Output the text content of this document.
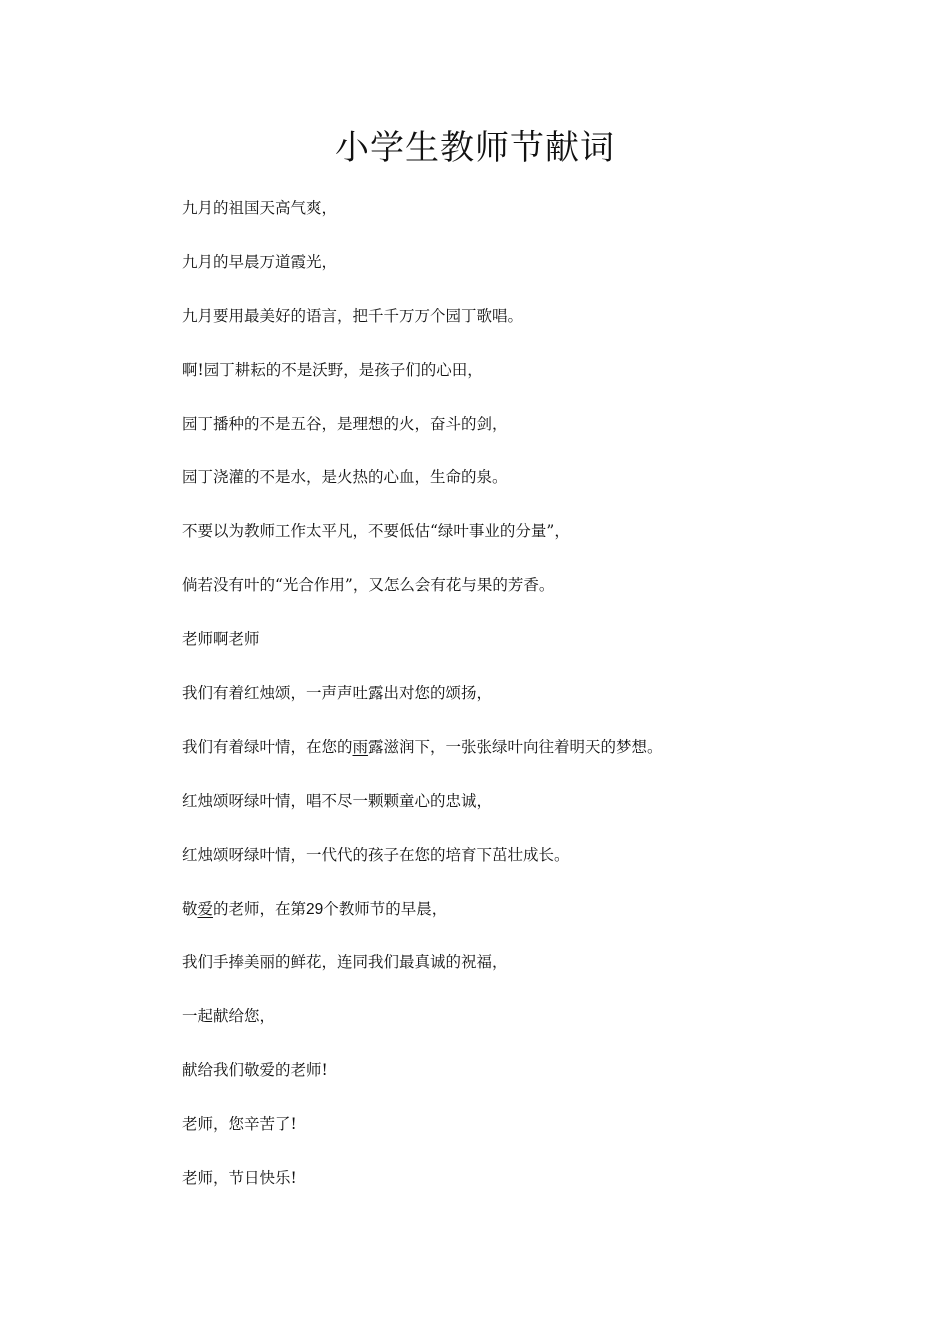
小学生教师节献词
九月的祖国天高气爽，
九月的早晨万道霞光，
九月要用最美好的语言，把千千万万个园丁歌唱。
啊!园丁耕耘的不是沃野，是孩子们的心田，
园丁播种的不是五谷，是理想的火，奋斗的剑，
园丁浇灌的不是水，是火热的心血，生命的泉。
不要以为教师工作太平凡，不要低估“绿叶事业的分量”，
倘若没有叶的“光合作用”，又怎么会有花与果的芳香。
老师啊老师
我们有着红烛颂，一声声吐露出对您的颂扬，
我们有着绿叶情，在您的雨露滋润下，一张张绿叶向往着明天的梦想。
红烛颂呀绿叶情，唱不尽一颗颗童心的忠诚，
红烛颂呀绿叶情，一代代的孩子在您的培育下茁壮成长。
敬爱的老师，在第29个教师节的早晨，
我们手捧美丽的鲜花，连同我们最真诚的祝福，
一起献给您，
献给我们敬爱的老师!
老师，您辛苦了!
老师，节日快乐!
